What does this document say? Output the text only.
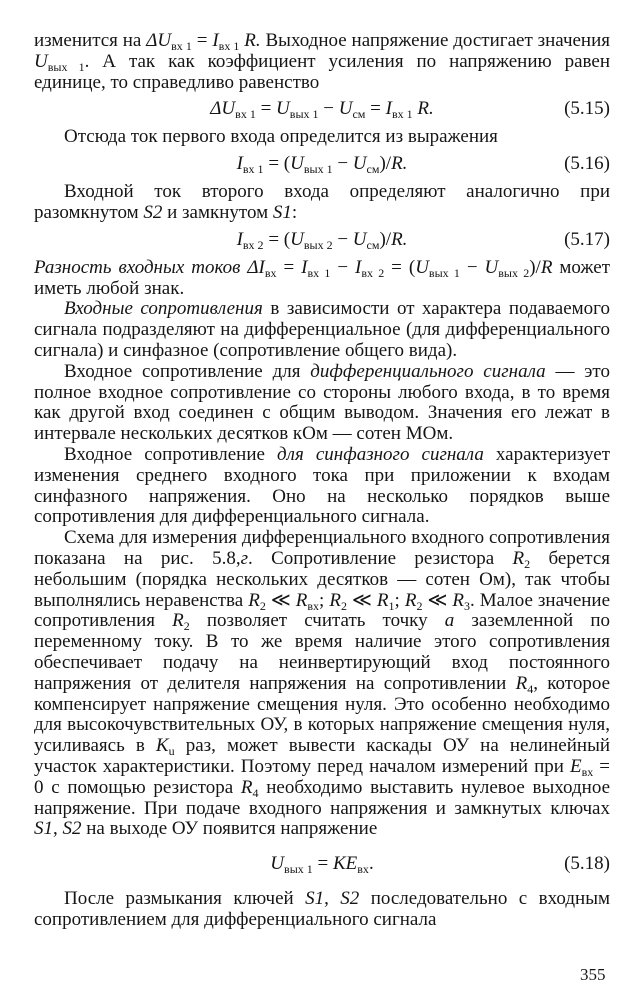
изменится на $\Delta U_{вх 1} = I_{вх 1}$ R. Выходное напряжение достигает значения $U_{вых 1}$. А так как коэффициент усиления по напряжению равен единице, то справедливо равенство

$\Delta U_{вх 1} = U_{вых 1} - U_{см} = I_{вх 1}$ R.	(5.15)

Отсюда ток первого входа определится из выражения

$I_{вх 1} = (U_{вых 1} - U_{см})/R$.	(5.16)

Входной ток второго входа определяют аналогично при разомкнутом S2 и замкнутом S1:

$I_{вх 2} = (U_{вых 2} - U_{см})/R$.	(5.17)

Разность входных токов $\Delta I_{вх} = I_{вх 1} - I_{вх 2} = (U_{вых 1} - U_{вых 2})/R$ может иметь любой знак.

Входные сопротивления в зависимости от характера подаваемого сигнала подразделяют на дифференциальное (для дифференциального сигнала) и синфазное (сопротивление общего вида).

Входное сопротивление для дифференциального сигнала — это полное входное сопротивление со стороны любого входа, в то время как другой вход соединен с общим выводом. Значения его лежат в интервале нескольких десятков кОм — сотен МОм.

Входное сопротивление для синфазного сигнала характеризует изменения среднего входного тока при приложении к входам синфазного напряжения. Оно на несколько порядков выше сопротивления для дифференциального сигнала.

Схема для измерения дифференциального входного сопротивления показана на рис. 5.8,г. Сопротивление резистора $R_2$ берется небольшим (порядка нескольких десятков — сотен Ом), так чтобы выполнялись неравенства $R_2$ ≪ $R_{вх}$; $R_2$ ≪ $R_1$; $R_2$ ≪ $R_3$. Малое значение сопротивления $R_2$ позволяет считать точку a заземленной по переменному току. В то же время наличие этого сопротивления обеспечивает подачу на неинвертирующий вход постоянного напряжения от делителя напряжения на сопротивлении $R_4$, которое компенсирует напряжение смещения нуля. Это особенно необходимо для высокочувствительных ОУ, в которых напряжение смещения нуля, усиливаясь в $K_u$ раз, может вывести каскады ОУ на нелинейный участок характеристики. Поэтому перед началом измерений при $E_{вх} = 0$ с помощью резистора $R_4$ необходимо выставить нулевое выходное напряжение. При подаче входного напряжения и замкнутых ключах S1, S2 на выходе ОУ появится напряжение

$U_{вых 1} = KE_{вх}$.	(5.18)

После размыкания ключей S1, S2 последовательно с входным сопротивлением для дифференциального сигнала

355
